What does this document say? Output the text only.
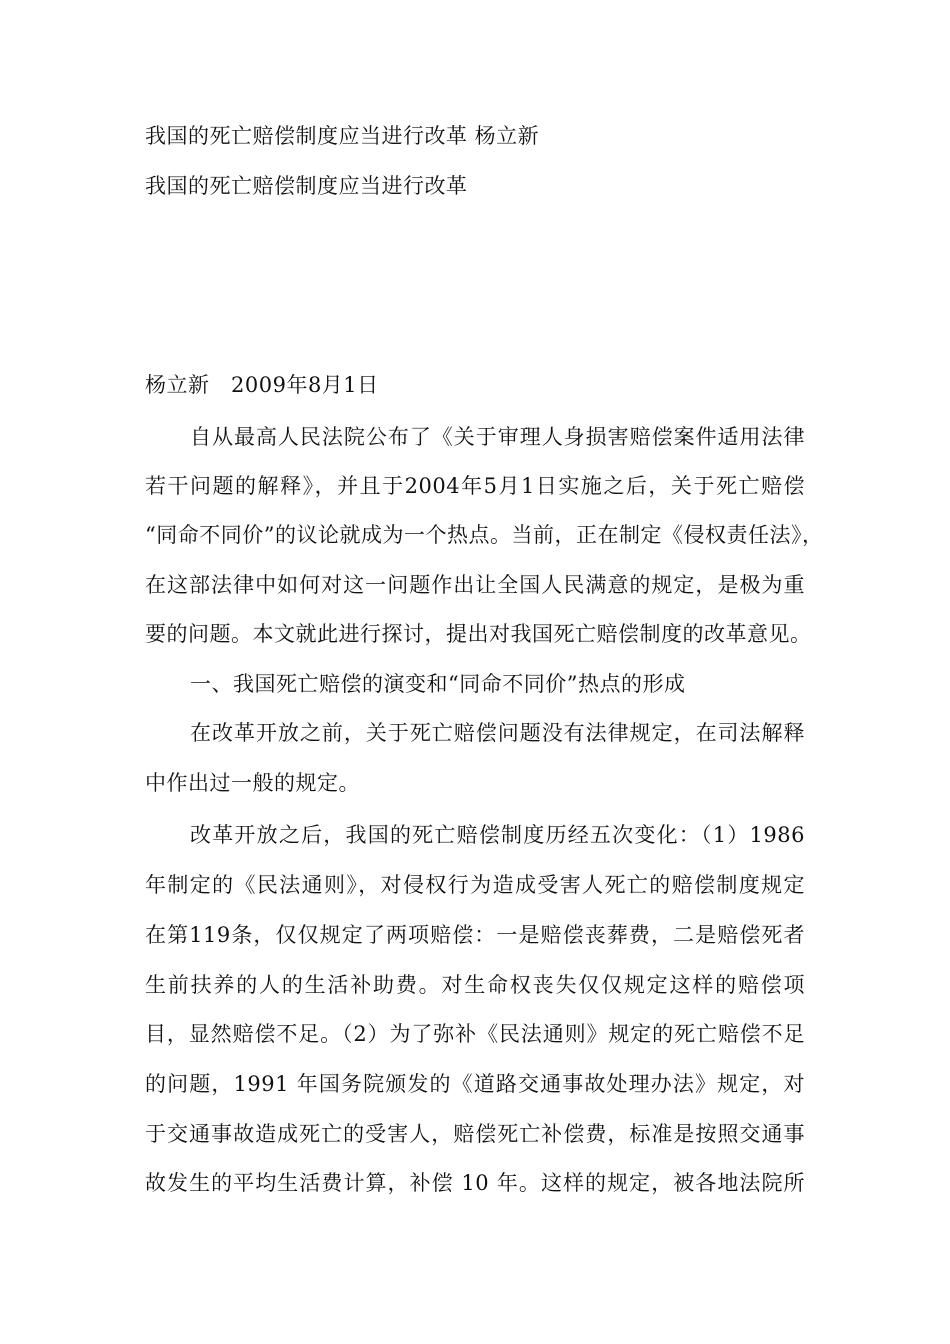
我国的死亡赔偿制度应当进行改革 杨立新
我国的死亡赔偿制度应当进行改革
杨立新　2009年8月1日
自从最高人民法院公布了《关于审理人身损害赔偿案件适用法律
若干问题的解释》，并且于2004年5月1日实施之后，关于死亡赔偿
“同命不同价”的议论就成为一个热点。当前，正在制定《侵权责任法》，
在这部法律中如何对这一问题作出让全国人民满意的规定，是极为重
要的问题。本文就此进行探讨，提出对我国死亡赔偿制度的改革意见。
一、我国死亡赔偿的演变和“同命不同价”热点的形成
在改革开放之前，关于死亡赔偿问题没有法律规定，在司法解释
中作出过一般的规定。
改革开放之后，我国的死亡赔偿制度历经五次变化：（1）1986
年制定的《民法通则》，对侵权行为造成受害人死亡的赔偿制度规定
在第119条，仅仅规定了两项赔偿：一是赔偿丧葬费，二是赔偿死者
生前扶养的人的生活补助费。对生命权丧失仅仅规定这样的赔偿项
目，显然赔偿不足。（2）为了弥补《民法通则》规定的死亡赔偿不足
的问题，1991 年国务院颁发的《道路交通事故处理办法》规定，对
于交通事故造成死亡的受害人，赔偿死亡补偿费，标准是按照交通事
故发生的平均生活费计算，补偿 10 年。这样的规定，被各地法院所
